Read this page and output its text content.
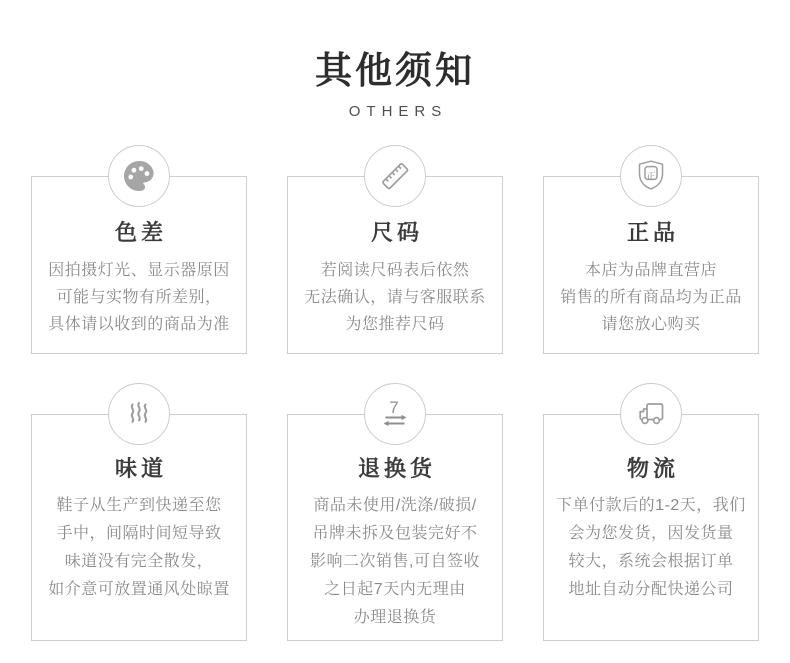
其他须知
OTHERS
色差
因拍摄灯光、显示器原因
可能与实物有所差别，
具体请以收到的商品为准
尺码
若阅读尺码表后依然
无法确认，请与客服联系
为您推荐尺码
正
正品
本店为品牌直营店
销售的所有商品均为正品
请您放心购买
味道
鞋子从生产到快递至您
手中，间隔时间短导致
味道没有完全散发，
如介意可放置通风处晾置
7
退换货
商品未使用/洗涤/破损/
吊牌未拆及包装完好不
影响二次销售,可自签收
之日起7天内无理由
办理退换货
物流
下单付款后的1-2天，我们
会为您发货，因发货量
较大，系统会根据订单
地址自动分配快递公司
